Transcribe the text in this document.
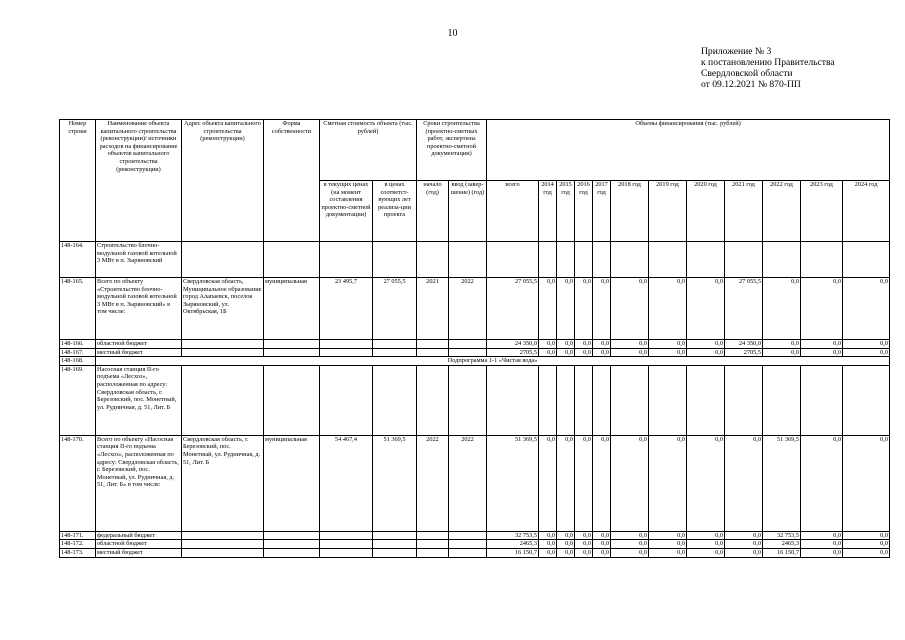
10
Приложение № 3
к постановлению Правительства
Свердловской области
от 09.12.2021 № 870-ПП
Номер строки	Наименование объекта капитального строительства (реконструкции)/ источники расходов на финансирование объектов капитального строительства (реконструкции)	Адрес объекта капитального строительства (реконструкции)	Форма собственности	Сметная стоимость объекта (тыс. рублей)		Сроки строительства (проектно-сметных работ, экспертизы проектно-сметной документации)		Объемы финансирования (тыс. рублей)											
				в текущих ценах (на момент составления проектно-сметной документации)	в ценах соответст-вующих лет реализа-ции проекта	начало (год)	ввод (завер-шение) (год)	всего	2014 год	2015 год	2016 год	2017 год	2018 год	2019 год	2020 год	2021 год	2022 год	2023 год	2024 год
148-164.	Строительство блочно-модульной газовой котельной 3 МВт в п. Зыряновский																		
148-165.	Всего по объекту «Строительство блочно-модульной газовой котельной 3 МВт в п. Зыряновский» в том числе:	Свердловская область, Муниципальное образование город Алапаевск, поселок Зыряновский, ул. Октябрьская, 1Б	муниципальная	23 495,7	27 055,5	2021	2022	27 055,5	0,0	0,0	0,0	0,0	0,0	0,0	0,0	27 055,5	0,0	0,0	0,0
148-166.	областной бюджет							24 350,0	0,0	0,0	0,0	0,0	0,0	0,0	0,0	24 350,0	0,0	0,0	0,0
148-167.	местный бюджет							2705,5	0,0	0,0	0,0	0,0	0,0	0,0	0,0	2705,5	0,0	0,0	0,0
148-168.	Подпрограмма 1-1 «Чистая вода»																		
148-169.	Насосная станция II-го подъема «Лесхоз», расположенная по адресу: Свердловская область, г. Березовский, пос. Монетный, ул. Рудничная, д. 51, Лит. Б																		
148-170.	Всего по объекту «Насосная станция II-го подъема «Лесхоз», расположенная по адресу: Свердловская область, г. Березовский, пос. Монетный, ул. Рудничная, д. 51, Лит. Б» в том числе:	Свердловская область, г. Березовский, пос. Монетный, ул. Рудничная, д. 51, Лит. Б	муниципальная	54 467,4	51 369,5	2022	2022	51 369,5	0,0	0,0	0,0	0,0	0,0	0,0	0,0	0,0	51 369,5	0,0	0,0
148-171.	федеральный бюджет							32 753,5	0,0	0,0	0,0	0,0	0,0	0,0	0,0	0,0	32 753,5	0,0	0,0
148-172.	областной бюджет							2465,3	0,0	0,0	0,0	0,0	0,0	0,0	0,0	0,0	2465,3	0,0	0,0
148-173.	местный бюджет							16 150,7	0,0	0,0	0,0	0,0	0,0	0,0	0,0	0,0	16 150,7	0,0	0,0
